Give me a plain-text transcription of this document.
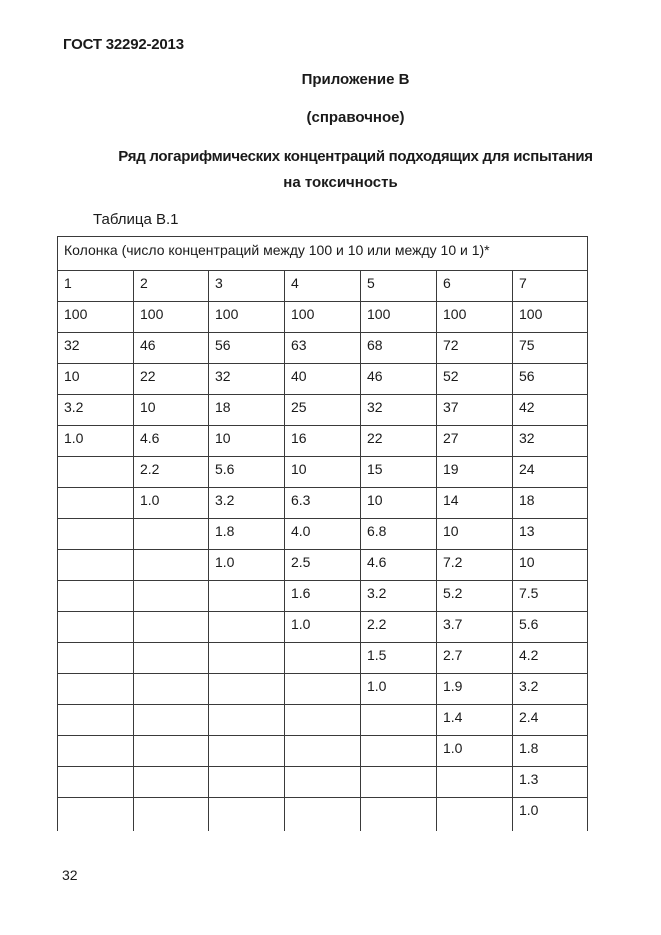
ГОСТ 32292-2013
Приложение В
(справочное)
Ряд логарифмических концентраций подходящих для испытания
на токсичность
Таблица В.1
Колонка (число концентраций между 100 и 10 или между 10 и 1)*						
1	2	3	4	5	6	7
100	100	100	100	100	100	100
32	46	56	63	68	72	75
10	22	32	40	46	52	56
3.2	10	18	25	32	37	42
1.0	4.6	10	16	22	27	32
	2.2	5.6	10	15	19	24
	1.0	3.2	6.3	10	14	18
		1.8	4.0	6.8	10	13
		1.0	2.5	4.6	7.2	10
			1.6	3.2	5.2	7.5
			1.0	2.2	3.7	5.6
				1.5	2.7	4.2
				1.0	1.9	3.2
					1.4	2.4
					1.0	1.8
						1.3
						1.0
32
